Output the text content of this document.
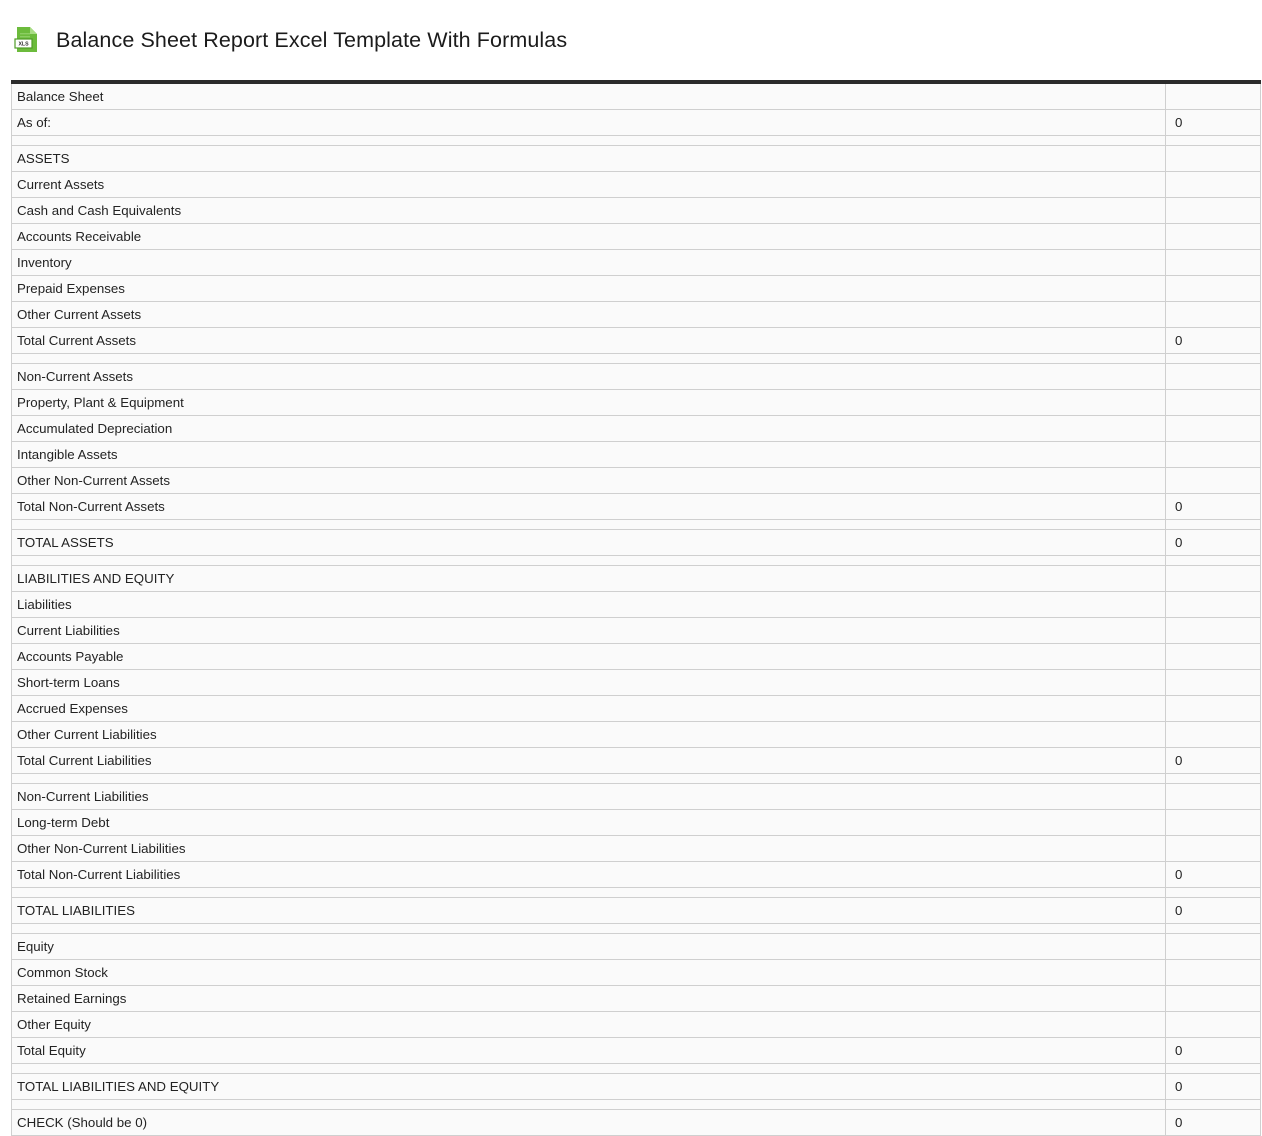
XLS Balance Sheet Report Excel Template With Formulas
Balance Sheet	
As of:	0

ASSETS	
Current Assets	
Cash and Cash Equivalents	
Accounts Receivable	
Inventory	
Prepaid Expenses	
Other Current Assets	
Total Current Assets	0

Non-Current Assets	
Property, Plant & Equipment	
Accumulated Depreciation	
Intangible Assets	
Other Non-Current Assets	
Total Non-Current Assets	0

TOTAL ASSETS	0

LIABILITIES AND EQUITY	
Liabilities	
Current Liabilities	
Accounts Payable	
Short-term Loans	
Accrued Expenses	
Other Current Liabilities	
Total Current Liabilities	0

Non-Current Liabilities	
Long-term Debt	
Other Non-Current Liabilities	
Total Non-Current Liabilities	0

TOTAL LIABILITIES	0

Equity	
Common Stock	
Retained Earnings	
Other Equity	
Total Equity	0

TOTAL LIABILITIES AND EQUITY	0

CHECK (Should be 0)	0
